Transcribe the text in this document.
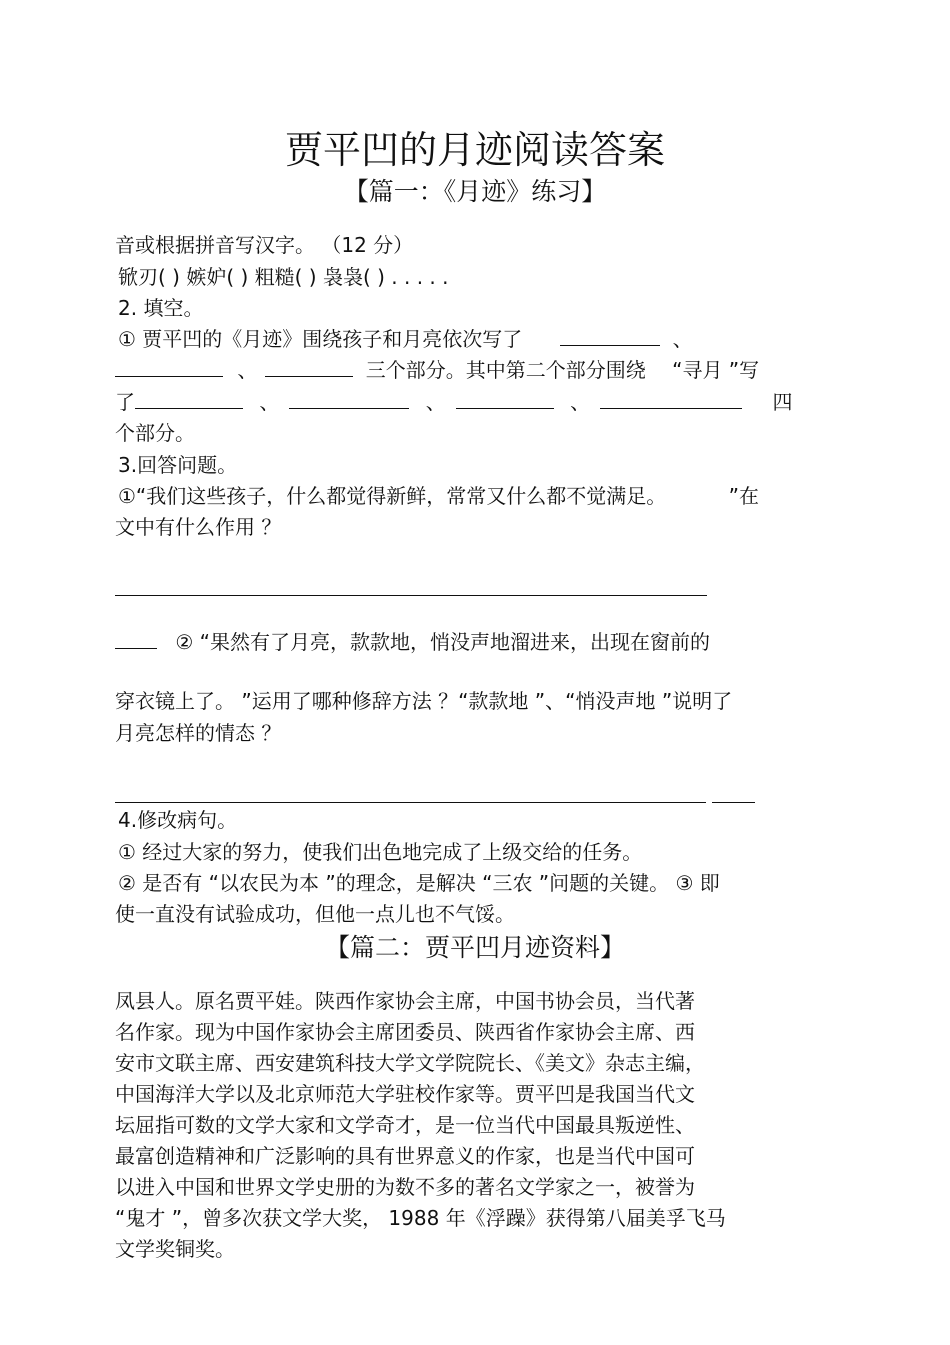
贾平凹的月迹阅读答案
【篇一：《月迹》练习】
音或根据拼音写汉字。 （12 分）
锨刃( ) 嫉妒( ) 粗糙( ) 袅袅( ) . . . . .
2. 填空。
① 贾平凹的《月迹》围绕孩子和月亮依次写了	、
、	三个部分。其中第二个部分围绕 “寻月 ”写
了	、	、	、	四
个部分。
3.回答问题。
①“我们这些孩子，什么都觉得新鲜，常常又什么都不觉满足。	”在
文中有什么作用 ？
② “果然有了月亮，款款地，悄没声地溜进来，出现在窗前的
穿衣镜上了。 ”运用了哪种修辞方法 ？“款款地 ”、“悄没声地 ”说明了
月亮怎样的情态 ？
4.修改病句。
① 经过大家的努力，使我们出色地完成了上级交给的任务。
② 是否有 “以农民为本 ”的理念，是解决 “三农 ”问题的关键。 ③ 即
使一直没有试验成功，但他一点儿也不气馁。
【篇二：贾平凹月迹资料】
凤县人。原名贾平娃。陕西作家协会主席，中国书协会员，当代著
名作家。现为中国作家协会主席团委员、陕西省作家协会主席、西
安市文联主席、西安建筑科技大学文学院院长、《美文》杂志主编，
中国海洋大学以及北京师范大学驻校作家等。贾平凹是我国当代文
坛屈指可数的文学大家和文学奇才，是一位当代中国最具叛逆性、
最富创造精神和广泛影响的具有世界意义的作家，也是当代中国可
以进入中国和世界文学史册的为数不多的著名文学家之一，被誉为
“鬼才 ”，曾多次获文学大奖， 1988 年《浮躁》获得第八届美孚飞马
文学奖铜奖。
